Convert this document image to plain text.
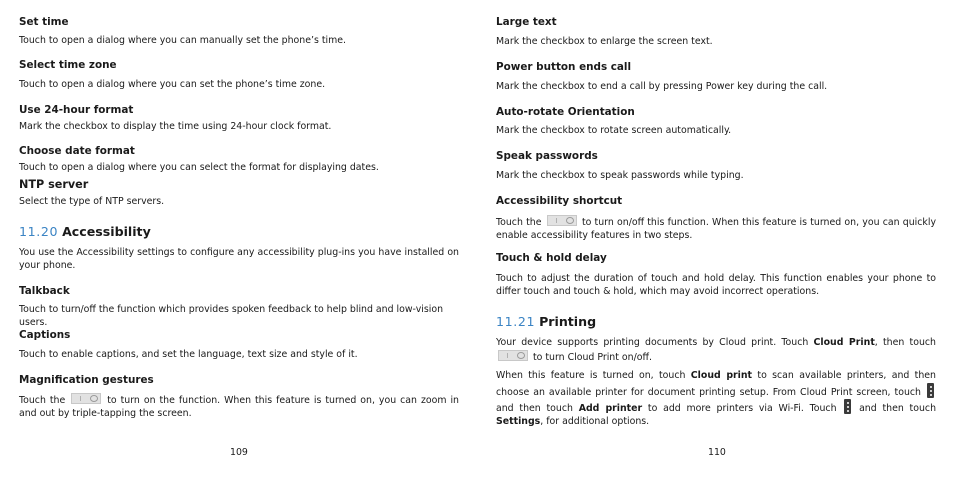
Set time
Touch to open a dialog where you can manually set the phone’s time.
Select time zone
Touch to open a dialog where you can set the phone’s time zone.
Use 24-hour format
Mark the checkbox to display the time using 24-hour clock format.
Choose date format
Touch to open a dialog where you can select the format for displaying dates.
NTP server
Select the type of NTP servers.
11.20 Accessibility
You use the Accessibility settings to configure any accessibility plug-ins you have installed on your phone.
Talkback
Touch to turn/off the function which provides spoken feedback to help blind and low-vision users.
Captions
Touch to enable captions, and set the language, text size and style of it.
Magnification gestures
Touch the	to turn on the function. When this feature is turned on, you can zoom in and out by triple-tapping the screen.
109
Large text
Mark the checkbox to enlarge the screen text.
Power button ends call
Mark the checkbox to end a call by pressing Power key during the call.
Auto-rotate Orientation
Mark the checkbox to rotate screen automatically.
Speak passwords
Mark the checkbox to speak passwords while typing.
Accessibility shortcut
Touch the	to turn on/off this function. When this feature is turned on, you can quickly enable accessibility features in two steps.
Touch & hold delay
Touch to adjust the duration of touch and hold delay. This function enables your phone to differ touch and touch & hold, which may avoid incorrect operations.
11.21 Printing
Your device supports printing documents by Cloud print. Touch Cloud Print, then touch  to turn Cloud Print on/off.
When this feature is turned on, touch Cloud print to scan available printers, and then choose an available printer for document printing setup. From Cloud Print screen, touch
and then touch Add printer to add more printers via Wi-Fi. Touch and then touch Settings, for additional options.
110
